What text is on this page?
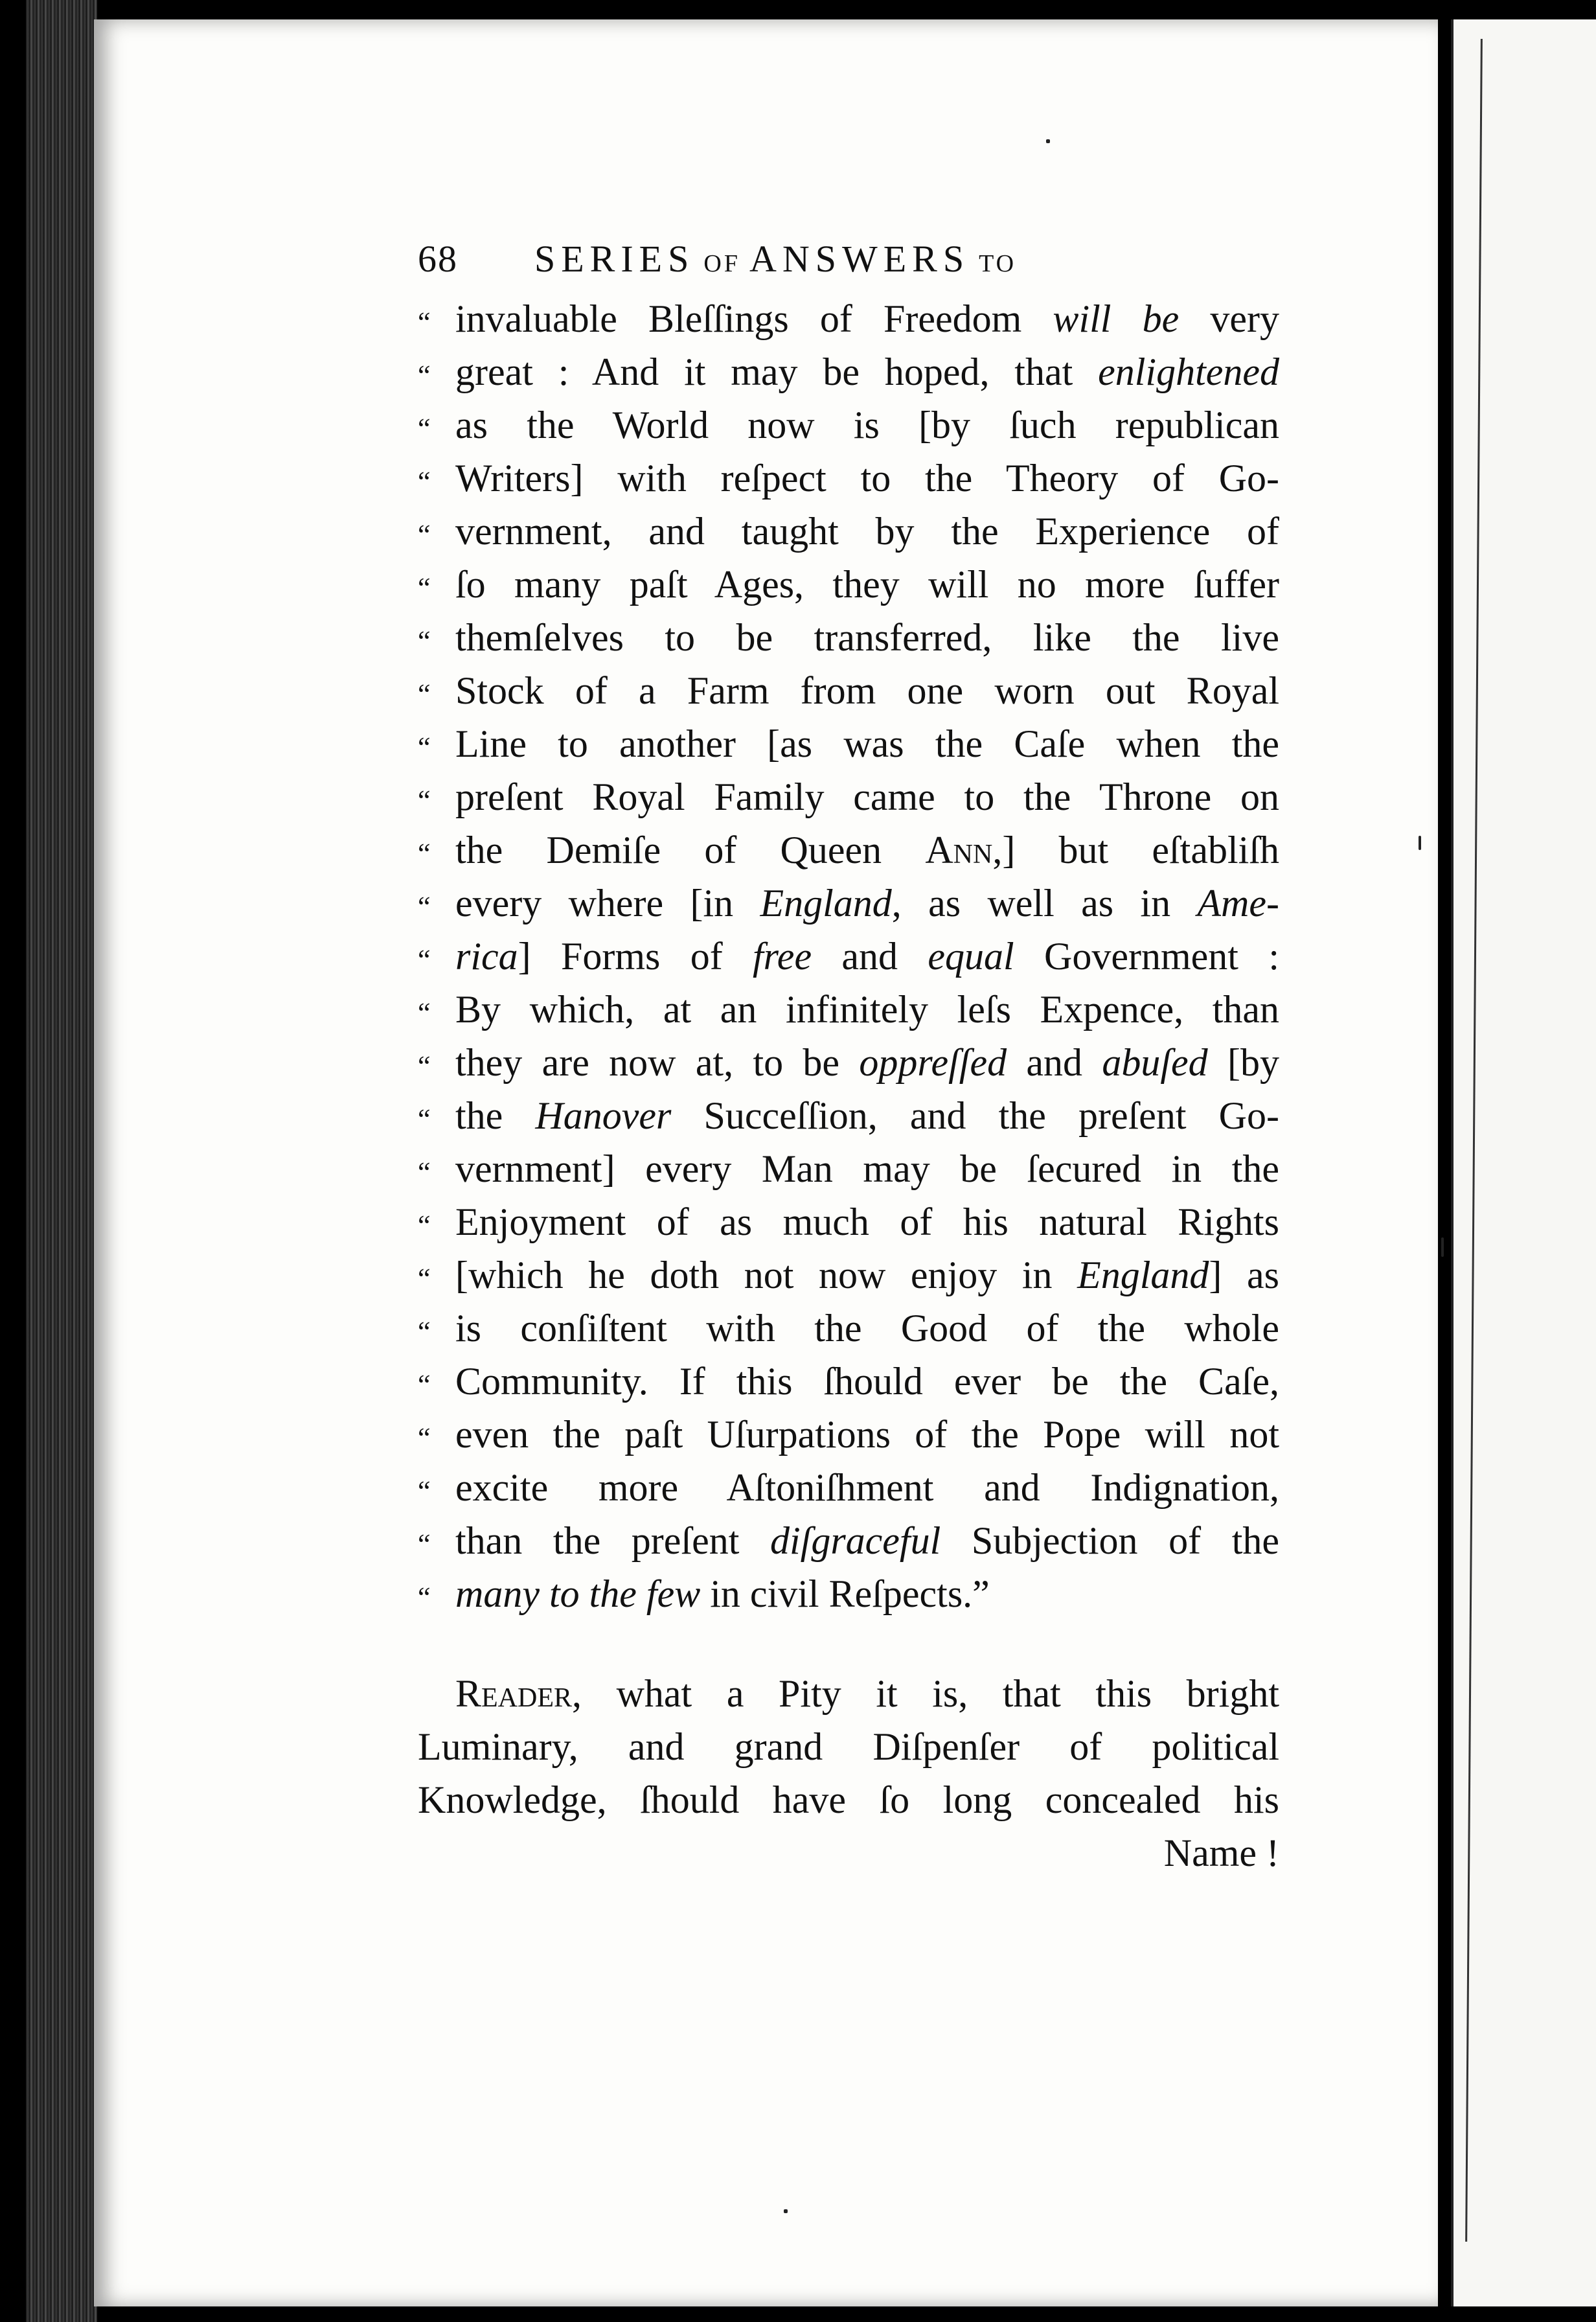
68	SERIES OF ANSWERS TO
“ invaluable Bleſſings of Freedom will be very
“ great : And it may be hoped, that enlightened
“ as the World now is [by ſuch republican
“ Writers] with reſpect to the Theory of Go-
“ vernment, and taught by the Experience of
“ ſo many paſt Ages, they will no more ſuffer
“ themſelves to be transferred, like the live
“ Stock of a Farm from one worn out Royal
“ Line to another [as was the Caſe when the
“ preſent Royal Family came to the Throne on
“ the Demiſe of Queen Ann,] but eſtabliſh
“ every where [in England, as well as in Ame-
“ rica] Forms of free and equal Government :
“ By which, at an infinitely leſs Expence, than
“ they are now at, to be oppreſſed and abuſed [by
“ the Hanover Succeſſion, and the preſent Go-
“ vernment] every Man may be ſecured in the
“ Enjoyment of as much of his natural Rights
“ [which he doth not now enjoy in England] as
“ is conſiſtent with the Good of the whole
“ Community. If this ſhould ever be the Caſe,
“ even the paſt Uſurpations of the Pope will not
“ excite more Aſtoniſhment and Indignation,
“ than the preſent diſgraceful Subjection of the
“ many to the few in civil Reſpects.”
Reader, what a Pity it is, that this bright
Luminary, and grand Diſpenſer of political
Knowledge, ſhould have ſo long concealed his
Name !
